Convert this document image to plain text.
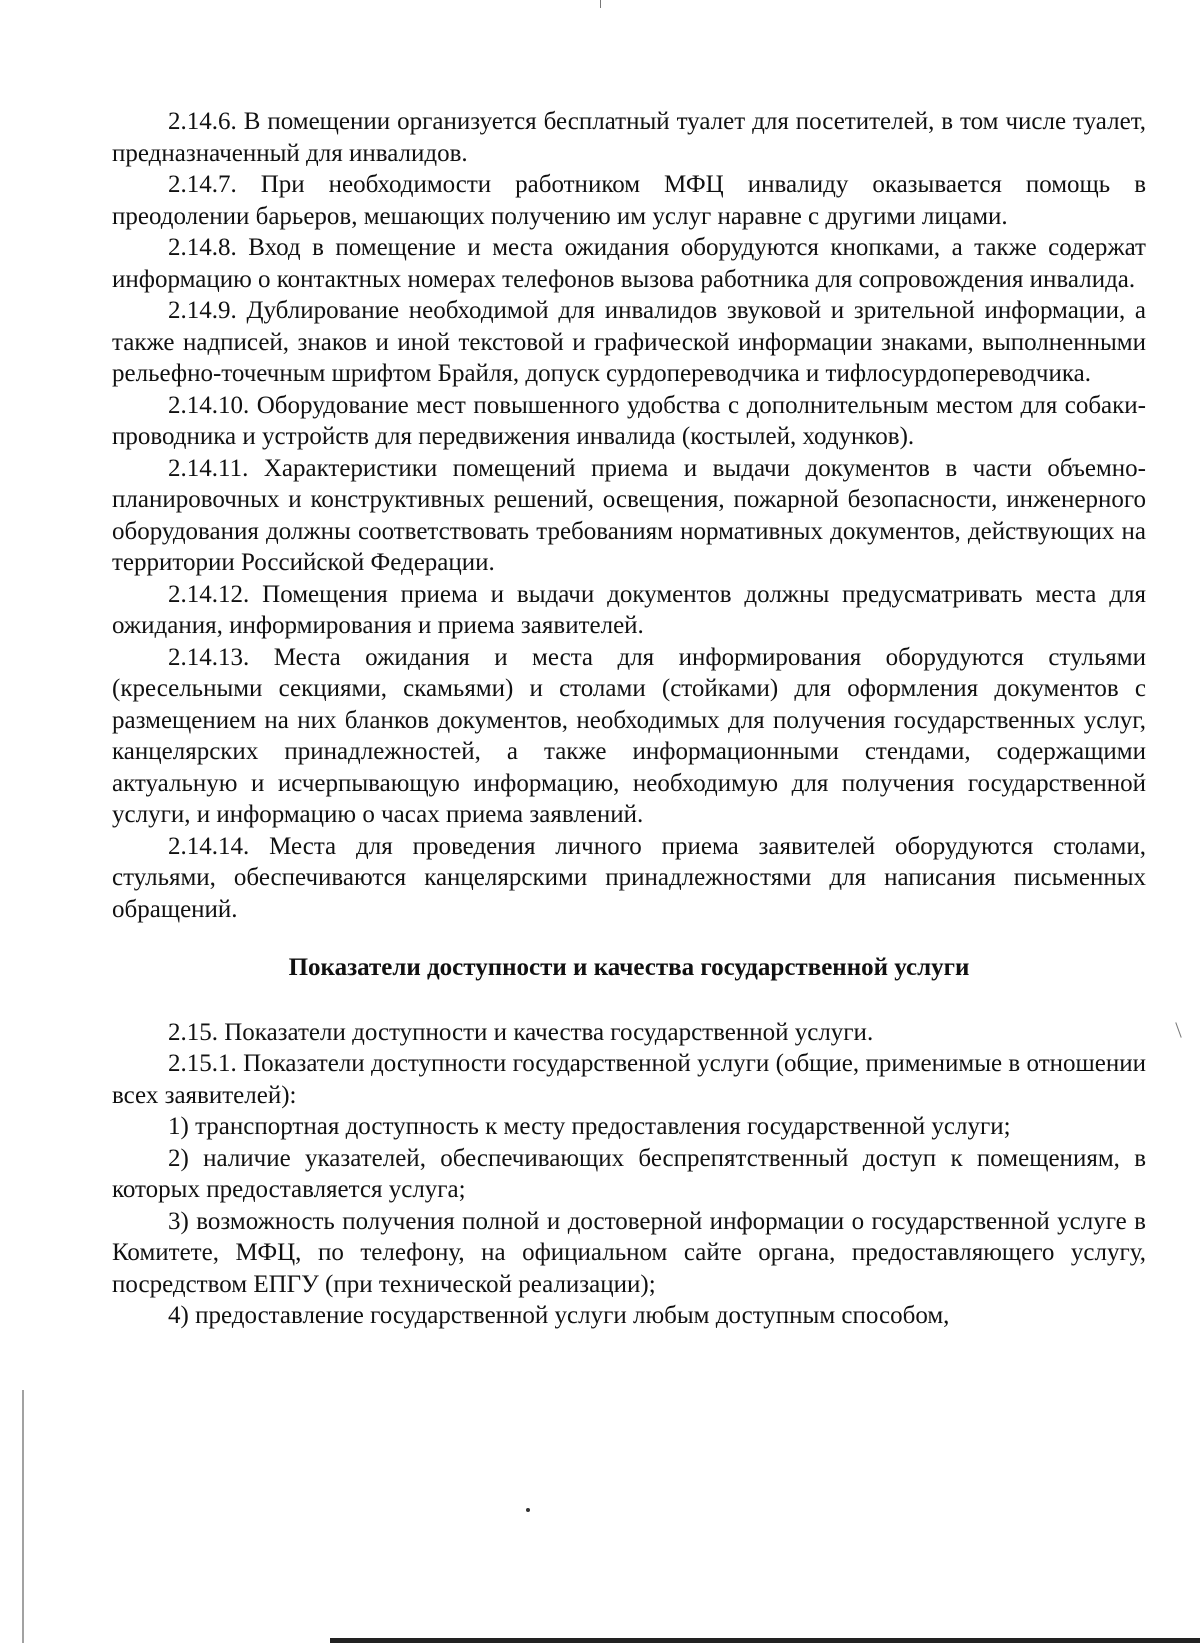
2.14.6. В помещении организуется бесплатный туалет для посетителей, в том числе туалет, предназначенный для инвалидов.

2.14.7. При необходимости работником МФЦ инвалиду оказывается помощь в преодолении барьеров, мешающих получению им услуг наравне с другими лицами.

2.14.8. Вход в помещение и места ожидания оборудуются кнопками, а также содержат информацию о контактных номерах телефонов вызова работника для сопровождения инвалида.

2.14.9. Дублирование необходимой для инвалидов звуковой и зрительной информации, а также надписей, знаков и иной текстовой и графической информации знаками, выполненными рельефно-точечным шрифтом Брайля, допуск сурдопереводчика и тифлосурдопереводчика.

2.14.10. Оборудование мест повышенного удобства с дополнительным местом для собаки-проводника и устройств для передвижения инвалида (костылей, ходунков).

2.14.11. Характеристики помещений приема и выдачи документов в части объемно-планировочных и конструктивных решений, освещения, пожарной безопасности, инженерного оборудования должны соответствовать требованиям нормативных документов, действующих на территории Российской Федерации.

2.14.12. Помещения приема и выдачи документов должны предусматривать места для ожидания, информирования и приема заявителей.

2.14.13. Места ожидания и места для информирования оборудуются стульями (кресельными секциями, скамьями) и столами (стойками) для оформления документов с размещением на них бланков документов, необходимых для получения государственных услуг, канцелярских принадлежностей, а также информационными стендами, содержащими актуальную и исчерпывающую информацию, необходимую для получения государственной услуги, и информацию о часах приема заявлений.

2.14.14. Места для проведения личного приема заявителей оборудуются столами, стульями, обеспечиваются канцелярскими принадлежностями для написания письменных обращений.

Показатели доступности и качества государственной услуги

2.15. Показатели доступности и качества государственной услуги.

2.15.1. Показатели доступности государственной услуги (общие, применимые в отношении всех заявителей):

1) транспортная доступность к месту предоставления государственной услуги;

2) наличие указателей, обеспечивающих беспрепятственный доступ к помещениям, в которых предоставляется услуга;

3) возможность получения полной и достоверной информации о государственной услуге в Комитете, МФЦ, по телефону, на официальном сайте органа, предоставляющего услугу, посредством ЕПГУ (при технической реализации);

4) предоставление государственной услуги любым доступным способом,
